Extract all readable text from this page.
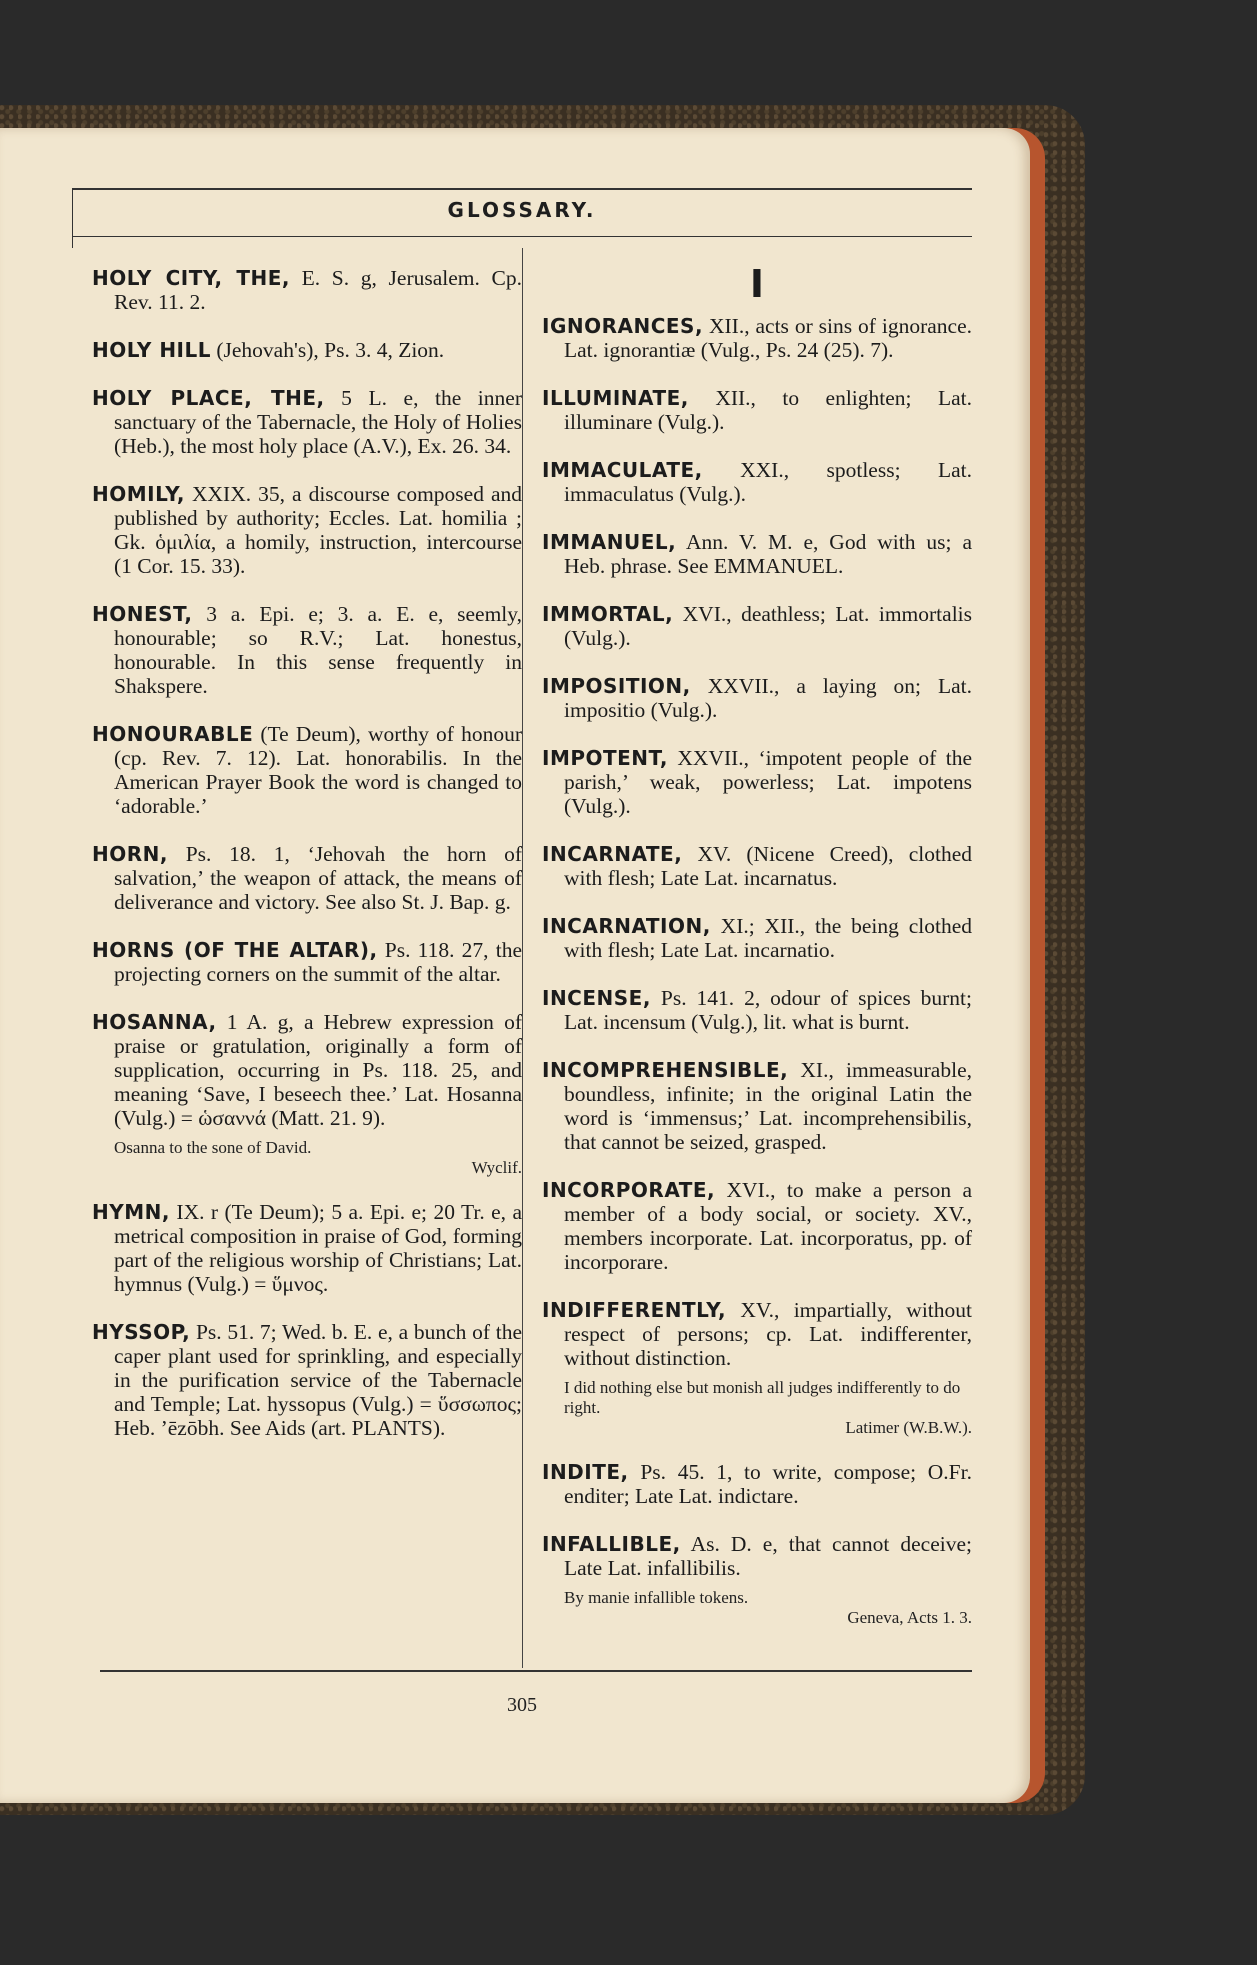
GLOSSARY.
HOLY CITY, THE, E. S. g, Jerusalem. Cp. Rev. 11. 2.
HOLY HILL (Jehovah's), Ps. 3. 4, Zion.
HOLY PLACE, THE, 5 L. e, the inner sanctuary of the Tabernacle, the Holy of Holies (Heb.), the most holy place (A.V.), Ex. 26. 34.
HOMILY, XXIX. 35, a discourse composed and published by authority; Eccles. Lat. homilia ; Gk. ὁμιλία, a homily, instruction, intercourse (1 Cor. 15. 33).
HONEST, 3 a. Epi. e; 3. a. E. e, seemly, honourable; so R.V.; Lat. honestus, honourable. In this sense frequently in Shakspere.
HONOURABLE (Te Deum), worthy of honour (cp. Rev. 7. 12). Lat. honorabilis. In the American Prayer Book the word is changed to ‘adorable.’
HORN, Ps. 18. 1, ‘Jehovah the horn of salvation,’ the weapon of attack, the means of deliverance and victory. See also St. J. Bap. g.
HORNS (OF THE ALTAR), Ps. 118. 27, the projecting corners on the summit of the altar.
HOSANNA, 1 A. g, a Hebrew expression of praise or gratulation, originally a form of supplication, occurring in Ps. 118. 25, and meaning ‘Save, I beseech thee.’ Lat. Hosanna (Vulg.) = ὡσαννά (Matt. 21. 9).
Osanna to the sone of David.
Wyclif.
HYMN, IX. r (Te Deum); 5 a. Epi. e; 20 Tr. e, a metrical composition in praise of God, forming part of the religious worship of Christians; Lat. hymnus (Vulg.) = ὕμνος.
HYSSOP, Ps. 51. 7; Wed. b. E. e, a bunch of the caper plant used for sprinkling, and especially in the purification service of the Tabernacle and Temple; Lat. hyssopus (Vulg.) = ὕσσωπος; Heb. ’ēzōbh. See Aids (art. PLANTS).
I
IGNORANCES, XII., acts or sins of ignorance. Lat. ignorantiæ (Vulg., Ps. 24 (25). 7).
ILLUMINATE, XII., to enlighten; Lat. illuminare (Vulg.).
IMMACULATE, XXI., spotless; Lat. immaculatus (Vulg.).
IMMANUEL, Ann. V. M. e, God with us; a Heb. phrase. See EMMANUEL.
IMMORTAL, XVI., deathless; Lat. immortalis (Vulg.).
IMPOSITION, XXVII., a laying on; Lat. impositio (Vulg.).
IMPOTENT, XXVII., ‘impotent people of the parish,’ weak, powerless; Lat. impotens (Vulg.).
INCARNATE, XV. (Nicene Creed), clothed with flesh; Late Lat. incarnatus.
INCARNATION, XI.; XII., the being clothed with flesh; Late Lat. incarnatio.
INCENSE, Ps. 141. 2, odour of spices burnt; Lat. incensum (Vulg.), lit. what is burnt.
INCOMPREHENSIBLE, XI., immeasurable, boundless, infinite; in the original Latin the word is ‘immensus;’ Lat. incomprehensibilis, that cannot be seized, grasped.
INCORPORATE, XVI., to make a person a member of a body social, or society. XV., members incorporate. Lat. incorporatus, pp. of incorporare.
INDIFFERENTLY, XV., impartially, without respect of persons; cp. Lat. indifferenter, without distinction.
I did nothing else but monish all judges indifferently to do right.
Latimer (W.B.W.).
INDITE, Ps. 45. 1, to write, compose; O.Fr. enditer; Late Lat. indictare.
INFALLIBLE, As. D. e, that cannot deceive; Late Lat. infallibilis.
By manie infallible tokens.
Geneva, Acts 1. 3.
305
